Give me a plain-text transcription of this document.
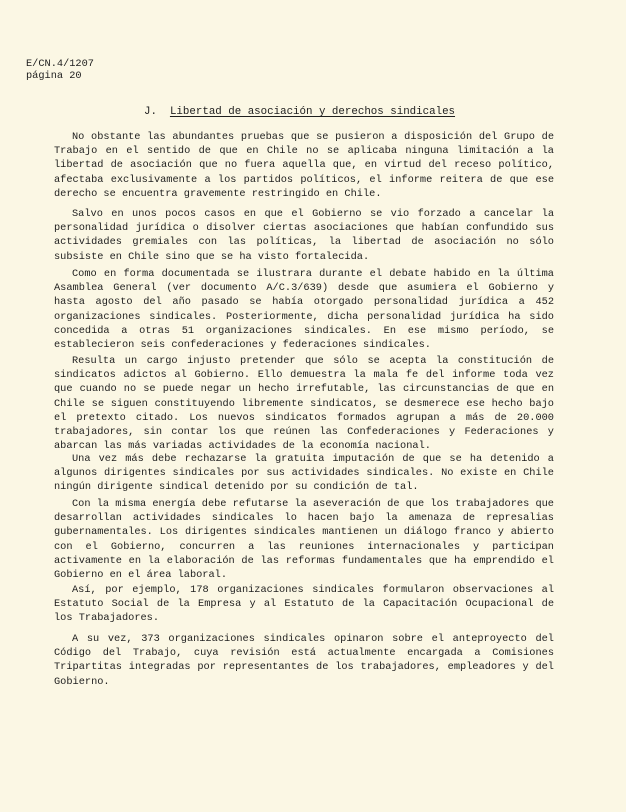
E/CN.4/1207
página 20
J. Libertad de asociación y derechos sindicales

No obstante las abundantes pruebas que se pusieron a disposición del Grupo de Trabajo en el sentido de que en Chile no se aplicaba ninguna limitación a la libertad de asociación que no fuera aquella que, en virtud del receso político, afectaba exclusivamente a los partidos políticos, el informe reitera de que ese derecho se encuentra gravemente restringido en Chile.

Salvo en unos pocos casos en que el Gobierno se vio forzado a cancelar la personalidad jurídica o disolver ciertas asociaciones que habían confundido sus actividades gremiales con las políticas, la libertad de asociación no sólo subsiste en Chile sino que se ha visto fortalecida.

Como en forma documentada se ilustrara durante el debate habido en la última Asamblea General (ver documento A/C.3/639) desde que asumiera el Gobierno y hasta agosto del año pasado se había otorgado personalidad jurídica a 452 organizaciones sindicales. Posteriormente, dicha personalidad jurídica ha sido concedida a otras 51 organizaciones sindicales. En ese mismo período, se establecieron seis confederaciones y federaciones sindicales.

Resulta un cargo injusto pretender que sólo se acepta la constitución de sindicatos adictos al Gobierno. Ello demuestra la mala fe del informe toda vez que cuando no se puede negar un hecho irrefutable, las circunstancias de que en Chile se siguen constituyendo libremente sindicatos, se desmerece ese hecho bajo el pretexto citado. Los nuevos sindicatos formados agrupan a más de 20.000 trabajadores, sin contar los que reúnen las Confederaciones y Federaciones y abarcan las más variadas actividades de la economía nacional.

Una vez más debe rechazarse la gratuita imputación de que se ha detenido a algunos dirigentes sindicales por sus actividades sindicales. No existe en Chile ningún dirigente sindical detenido por su condición de tal.

Con la misma energía debe refutarse la aseveración de que los trabajadores que desarrollan actividades sindicales lo hacen bajo la amenaza de represalias gubernamentales. Los dirigentes sindicales mantienen un diálogo franco y abierto con el Gobierno, concurren a las reuniones internacionales y participan activamente en la elaboración de las reformas fundamentales que ha emprendido el Gobierno en el área laboral.

Así, por ejemplo, 178 organizaciones sindicales formularon observaciones al Estatuto Social de la Empresa y al Estatuto de la Capacitación Ocupacional de los Trabajadores.

A su vez, 373 organizaciones sindicales opinaron sobre el anteproyecto del Código del Trabajo, cuya revisión está actualmente encargada a Comisiones Tripartitas integradas por representantes de los trabajadores, empleadores y del Gobierno.
